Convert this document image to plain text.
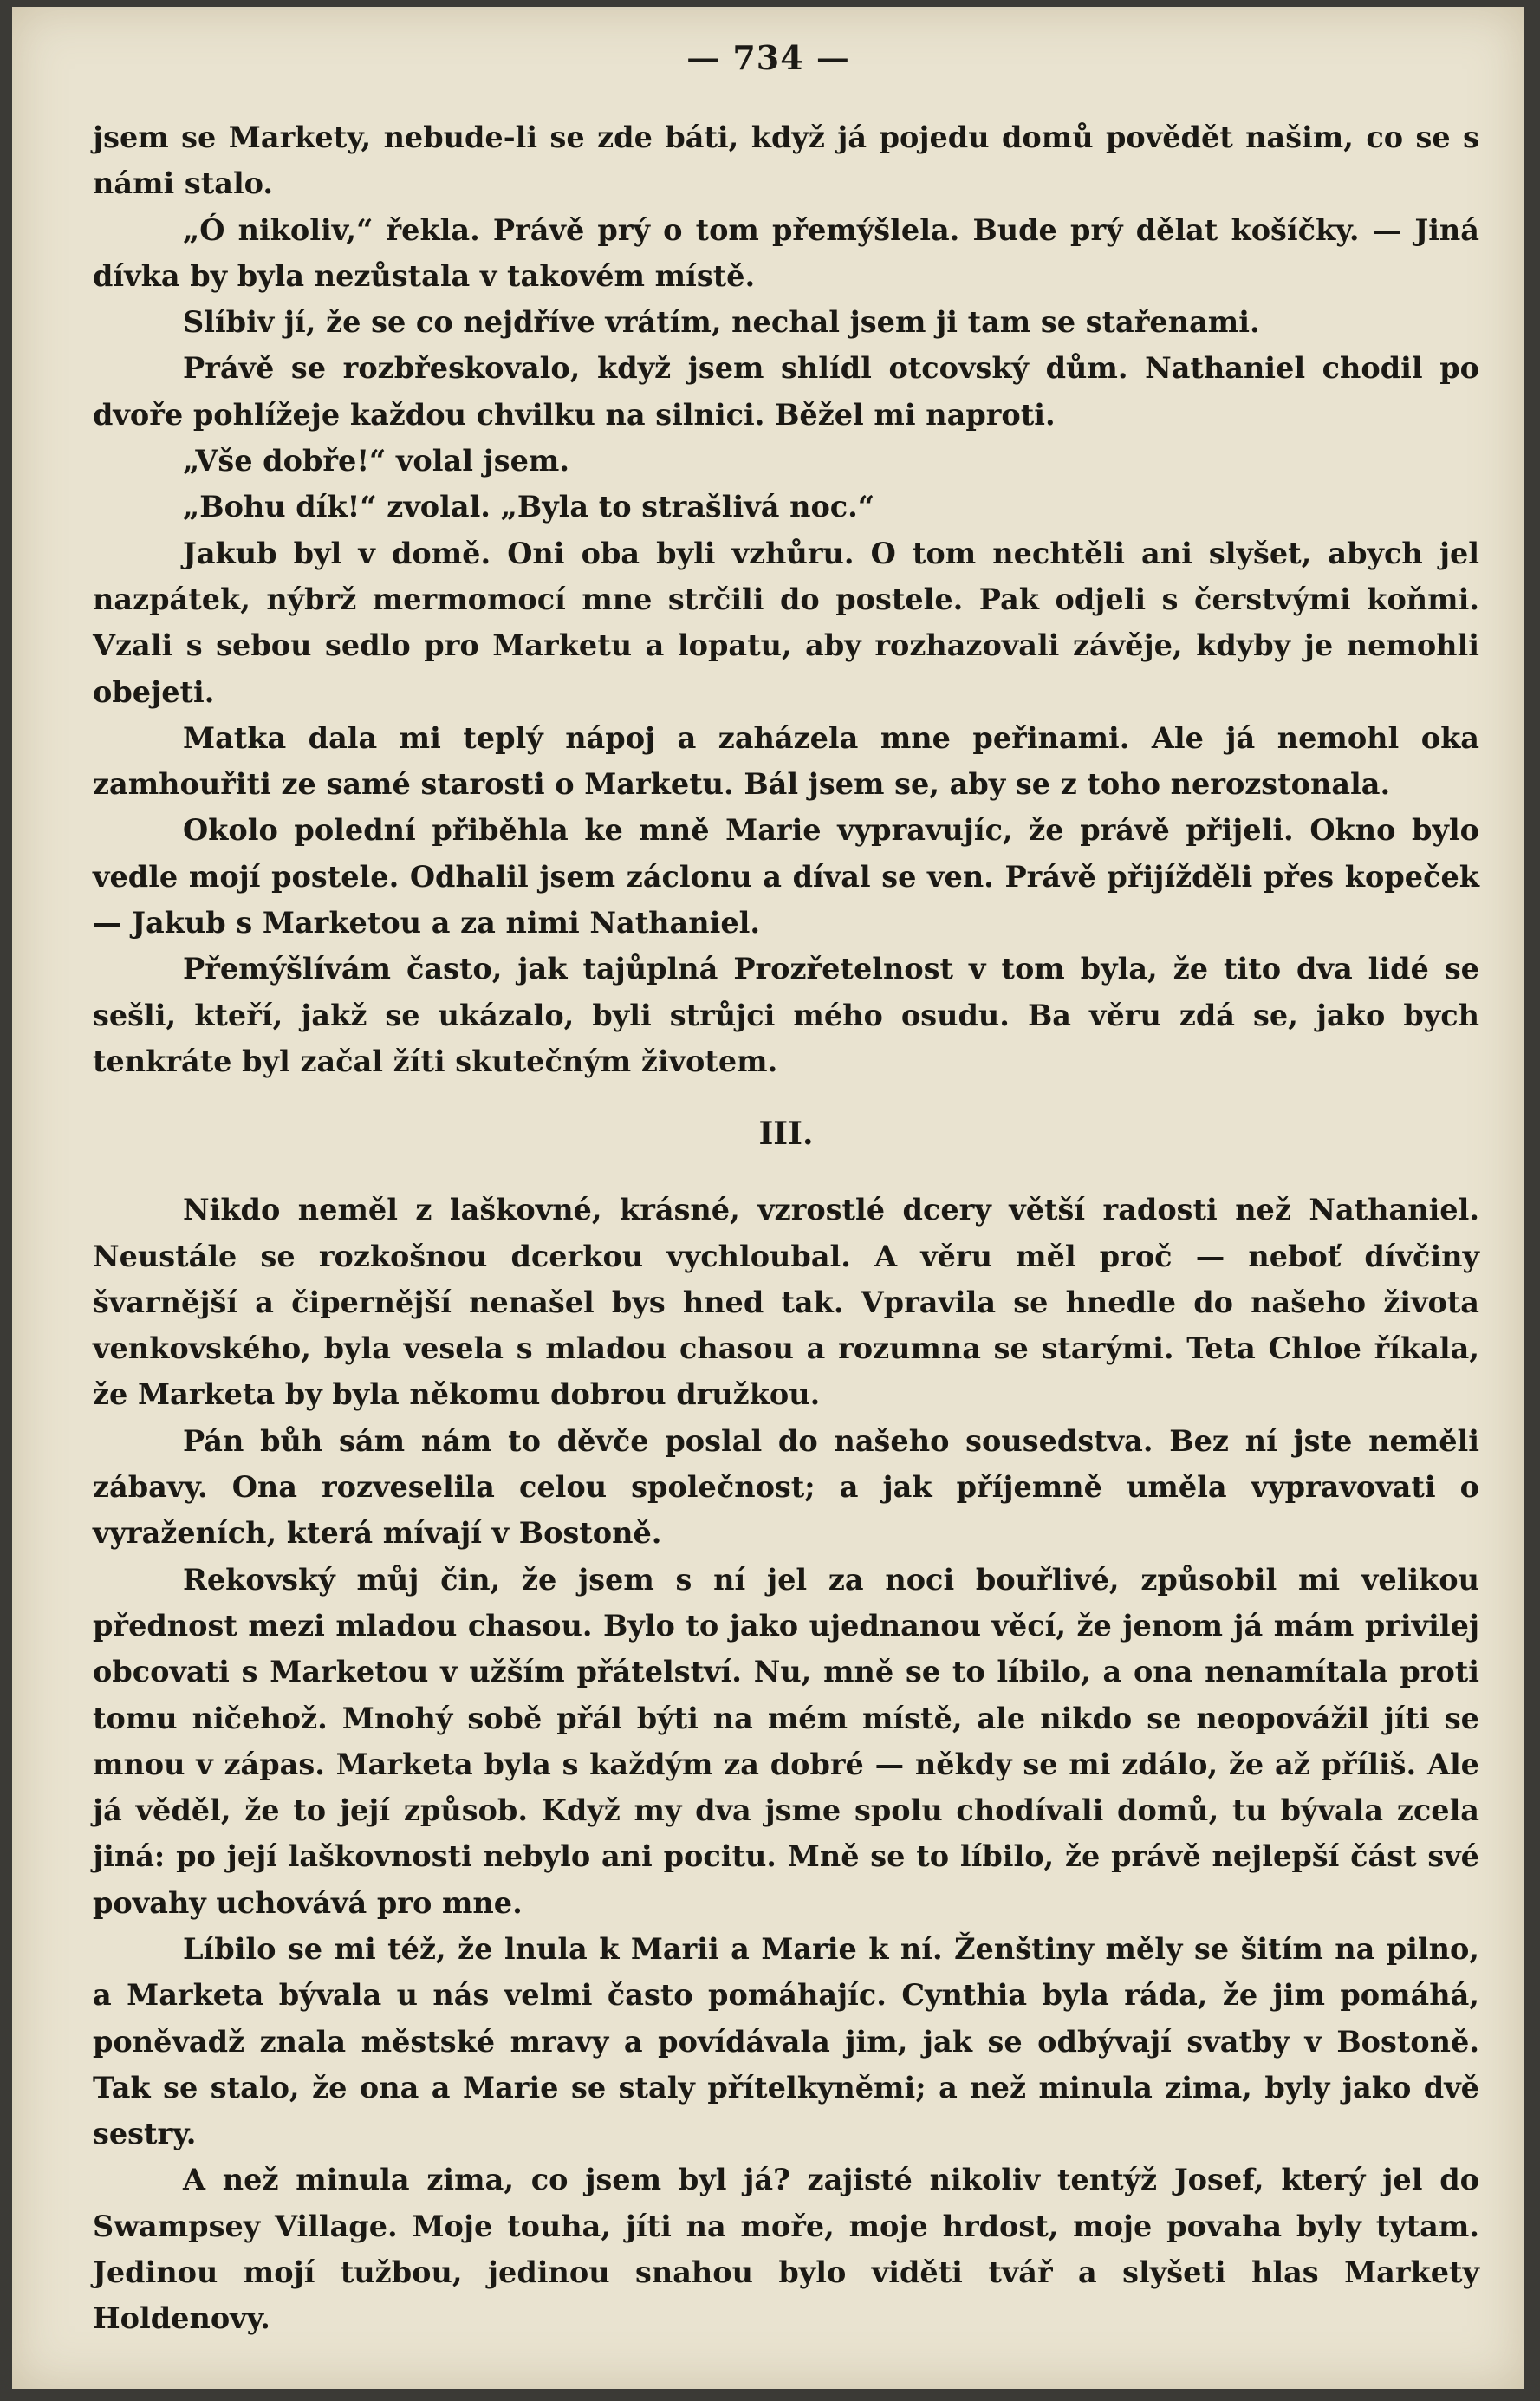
— 734 —

jsem se Markety, nebude-li se zde báti, když já pojedu domů povědět našim, co se s námi stalo.

„Ó nikoliv,“ řekla. Právě prý o tom přemýšlela. Bude prý dělat košíčky. — Jiná dívka by byla nezůstala v takovém místě.

Slíbiv jí, že se co nejdříve vrátím, nechal jsem ji tam se stařenami.

Právě se rozbřeskovalo, když jsem shlídl otcovský dům. Nathaniel chodil po dvoře pohlížeje každou chvilku na silnici. Běžel mi naproti.

„Vše dobře!“ volal jsem.

„Bohu dík!“ zvolal. „Byla to strašlivá noc.“

Jakub byl v domě. Oni oba byli vzhůru. O tom nechtěli ani slyšet, abych jel nazpátek, nýbrž mermomocí mne strčili do postele. Pak odjeli s čerstvými koňmi. Vzali s sebou sedlo pro Marketu a lopatu, aby rozhazovali závěje, kdyby je nemohli obejeti.

Matka dala mi teplý nápoj a zaházela mne peřinami. Ale já nemohl oka zamhouřiti ze samé starosti o Marketu. Bál jsem se, aby se z toho nerozstonala.

Okolo polední přiběhla ke mně Marie vypravujíc, že právě přijeli. Okno bylo vedle mojí postele. Odhalil jsem záclonu a díval se ven. Právě přijížděli přes kopeček — Jakub s Marketou a za nimi Nathaniel.

Přemýšlívám často, jak tajůplná Prozřetelnost v tom byla, že tito dva lidé se sešli, kteří, jakž se ukázalo, byli strůjci mého osudu. Ba věru zdá se, jako bych tenkráte byl začal žíti skutečným životem.

III.

Nikdo neměl z laškovné, krásné, vzrostlé dcery větší radosti než Nathaniel. Neustále se rozkošnou dcerkou vychloubal. A věru měl proč — neboť dívčiny švarnější a čipernější nenašel bys hned tak. Vpravila se hnedle do našeho života venkovského, byla vesela s mladou chasou a rozumna se starými. Teta Chloe říkala, že Marketa by byla někomu dobrou družkou.

Pán bůh sám nám to děvče poslal do našeho sousedstva. Bez ní jste neměli zábavy. Ona rozveselila celou společnost; a jak příjemně uměla vypravovati o vyraženích, která mívají v Bostoně.

Rekovský můj čin, že jsem s ní jel za noci bouřlivé, způsobil mi velikou přednost mezi mladou chasou. Bylo to jako ujednanou věcí, že jenom já mám privilej obcovati s Marketou v užším přátelství. Nu, mně se to líbilo, a ona nenamítala proti tomu ničehož. Mnohý sobě přál býti na mém místě, ale nikdo se neopovážil jíti se mnou v zápas. Marketa byla s každým za dobré — někdy se mi zdálo, že až příliš. Ale já věděl, že to její způsob. Když my dva jsme spolu chodívali domů, tu bývala zcela jiná: po její laškovnosti nebylo ani pocitu. Mně se to líbilo, že právě nejlepší část své povahy uchovává pro mne.

Líbilo se mi též, že lnula k Marii a Marie k ní. Ženštiny měly se šitím na pilno, a Marketa bývala u nás velmi často pomáhajíc. Cynthia byla ráda, že jim pomáhá, poněvadž znala městské mravy a povídávala jim, jak se odbývají svatby v Bostoně. Tak se stalo, že ona a Marie se staly přítelkyněmi; a než minula zima, byly jako dvě sestry.

A než minula zima, co jsem byl já? zajisté nikoliv tentýž Josef, který jel do Swampsey Village. Moje touha, jíti na moře, moje hrdost, moje povaha byly tytam. Jedinou mojí tužbou, jedinou snahou bylo viděti tvář a slyšeti hlas Markety Holdenovy.
